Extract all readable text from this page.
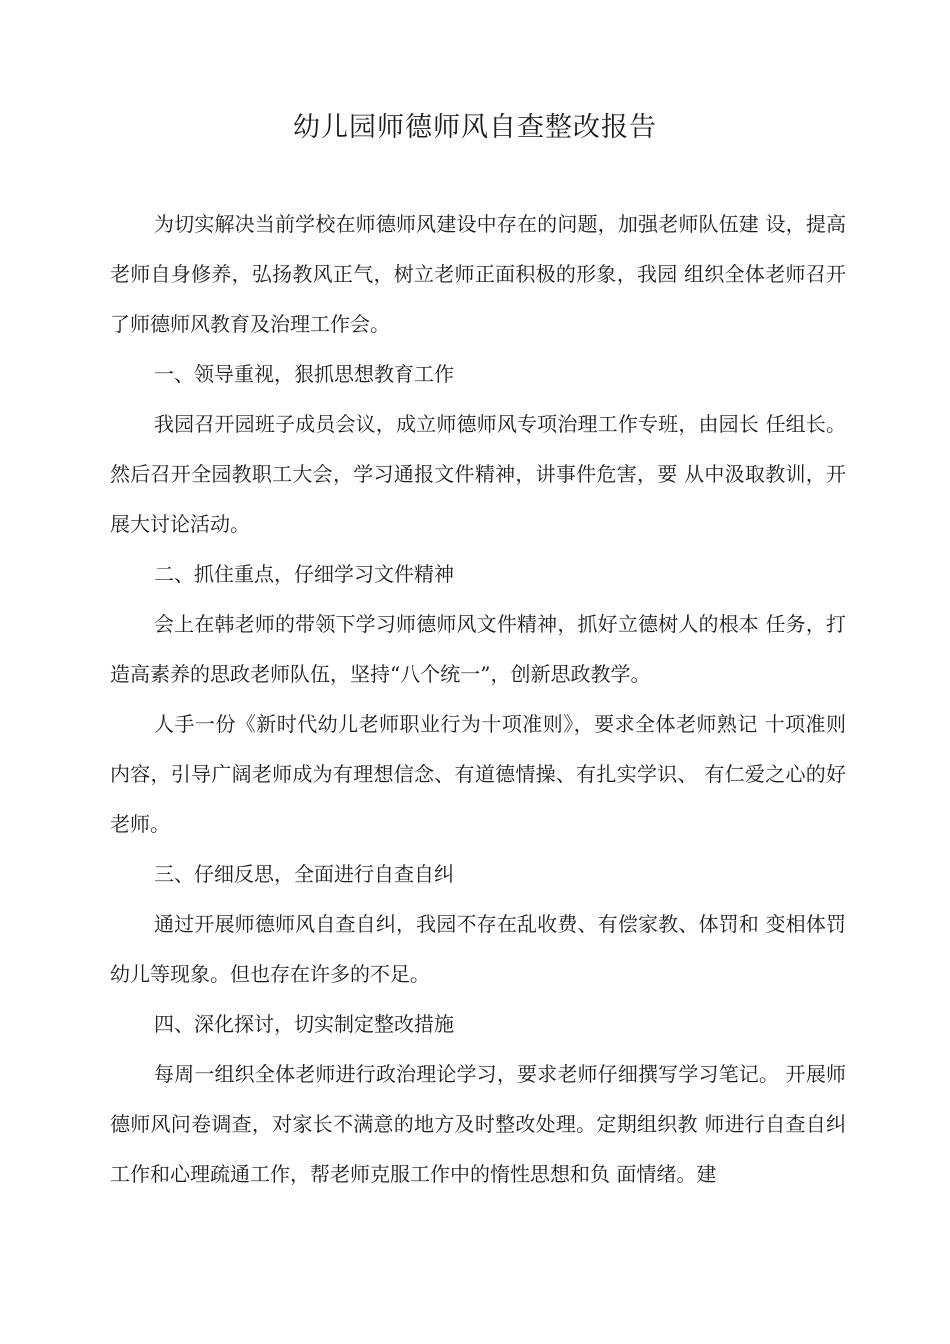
幼儿园师德师风自查整改报告

为切实解决当前学校在师德师风建设中存在的问题，加强老师队伍建 设，提高老师自身修养，弘扬教风正气，树立老师正面积极的形象，我园 组织全体老师召开了师德师风教育及治理工作会。

一、领导重视，狠抓思想教育工作

我园召开园班子成员会议，成立师德师风专项治理工作专班，由园长 任组长。然后召开全园教职工大会，学习通报文件精神，讲事件危害，要 从中汲取教训，开展大讨论活动。

二、抓住重点，仔细学习文件精神

会上在韩老师的带领下学习师德师风文件精神，抓好立德树人的根本 任务，打造高素养的思政老师队伍，坚持“八个统一”，创新思政教学。

人手一份《新时代幼儿老师职业行为十项准则》，要求全体老师熟记 十项准则内容，引导广阔老师成为有理想信念、有道德情操、有扎实学识、 有仁爱之心的好老师。

三、仔细反思，全面进行自查自纠

通过开展师德师风自查自纠，我园不存在乱收费、有偿家教、体罚和 变相体罚幼儿等现象。但也存在许多的不足。

四、深化探讨，切实制定整改措施

每周一组织全体老师进行政治理论学习，要求老师仔细撰写学习笔记。 开展师德师风问卷调查，对家长不满意的地方及时整改处理。定期组织教 师进行自查自纠工作和心理疏通工作，帮老师克服工作中的惰性思想和负 面情绪。建
